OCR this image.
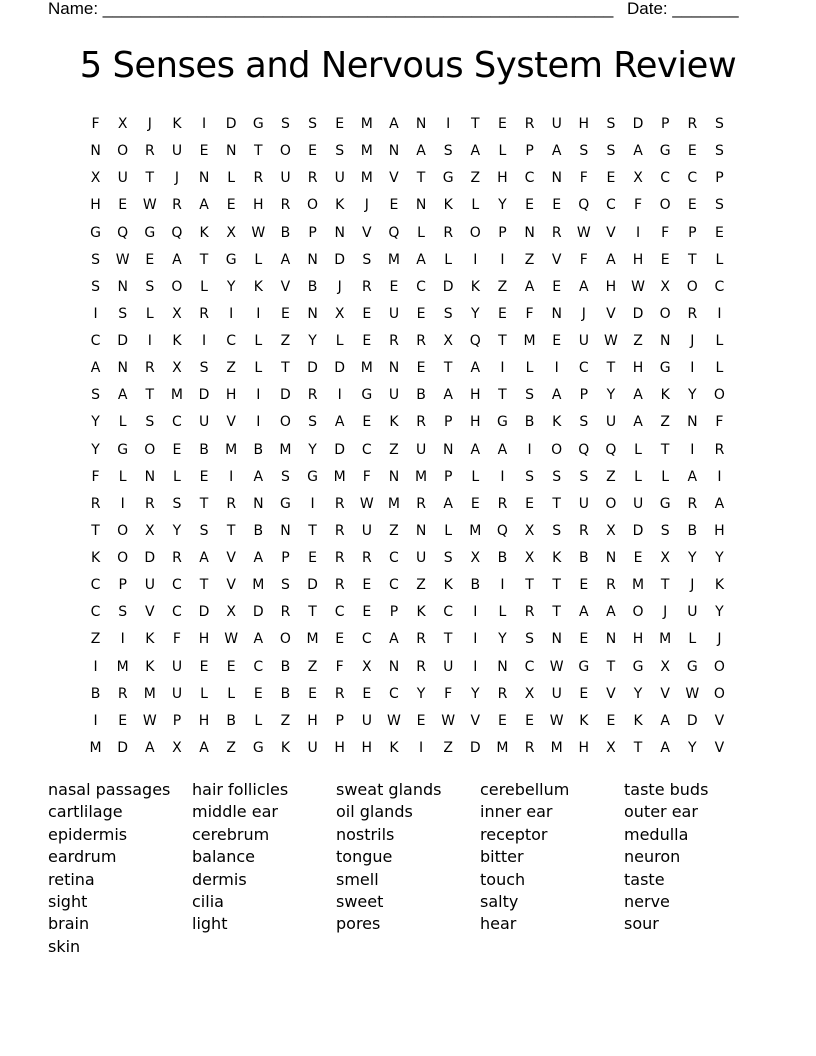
Name: ______________________________________________________ Date: _______
5 Senses and Nervous System Review
F	X	J	K	I	D	G	S	S	E	M	A	N	I	T	E	R	U	H	S	D	P	R	S
N	O	R	U	E	N	T	O	E	S	M	N	A	S	A	L	P	A	S	S	A	G	E	S
X	U	T	J	N	L	R	U	R	U	M	V	T	G	Z	H	C	N	F	E	X	C	C	P
H	E	W	R	A	E	H	R	O	K	J	E	N	K	L	Y	E	E	Q	C	F	O	E	S
G	Q	G	Q	K	X	W	B	P	N	V	Q	L	R	O	P	N	R	W	V	I	F	P	E
S	W	E	A	T	G	L	A	N	D	S	M	A	L	I	I	Z	V	F	A	H	E	T	L
S	N	S	O	L	Y	K	V	B	J	R	E	C	D	K	Z	A	E	A	H	W	X	O	C
I	S	L	X	R	I	I	E	N	X	E	U	E	S	Y	E	F	N	J	V	D	O	R	I
C	D	I	K	I	C	L	Z	Y	L	E	R	R	X	Q	T	M	E	U	W	Z	N	J	L
A	N	R	X	S	Z	L	T	D	D	M	N	E	T	A	I	L	I	C	T	H	G	I	L
S	A	T	M	D	H	I	D	R	I	G	U	B	A	H	T	S	A	P	Y	A	K	Y	O
Y	L	S	C	U	V	I	O	S	A	E	K	R	P	H	G	B	K	S	U	A	Z	N	F
Y	G	O	E	B	M	B	M	Y	D	C	Z	U	N	A	A	I	O	Q	Q	L	T	I	R
F	L	N	L	E	I	A	S	G	M	F	N	M	P	L	I	S	S	S	Z	L	L	A	I
R	I	R	S	T	R	N	G	I	R	W	M	R	A	E	R	E	T	U	O	U	G	R	A
T	O	X	Y	S	T	B	N	T	R	U	Z	N	L	M	Q	X	S	R	X	D	S	B	H
K	O	D	R	A	V	A	P	E	R	R	C	U	S	X	B	X	K	B	N	E	X	Y	Y
C	P	U	C	T	V	M	S	D	R	E	C	Z	K	B	I	T	T	E	R	M	T	J	K
C	S	V	C	D	X	D	R	T	C	E	P	K	C	I	L	R	T	A	A	O	J	U	Y
Z	I	K	F	H	W	A	O	M	E	C	A	R	T	I	Y	S	N	E	N	H	M	L	J
I	M	K	U	E	E	C	B	Z	F	X	N	R	U	I	N	C	W	G	T	G	X	G	O
B	R	M	U	L	L	E	B	E	R	E	C	Y	F	Y	R	X	U	E	V	Y	V	W	O
I	E	W	P	H	B	L	Z	H	P	U	W	E	W	V	E	E	W	K	E	K	A	D	V
M	D	A	X	A	Z	G	K	U	H	H	K	I	Z	D	M	R	M	H	X	T	A	Y	V
nasal passages
cartlilage
epidermis
eardrum
retina
sight
brain
skin
hair follicles
middle ear
cerebrum
balance
dermis
cilia
light
sweat glands
oil glands
nostrils
tongue
smell
sweet
pores
cerebellum
inner ear
receptor
bitter
touch
salty
hear
taste buds
outer ear
medulla
neuron
taste
nerve
sour
